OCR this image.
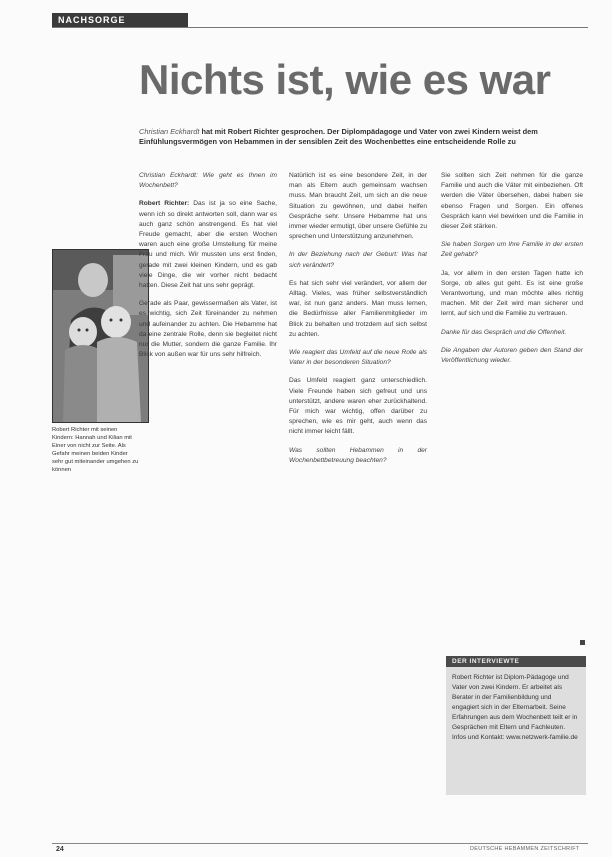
NACHSORGE
Nichts ist, wie es war

Christian Eckhardt hat mit Robert Richter gesprochen. Der Diplompädagoge und Vater von zwei Kindern weist dem Einfühlungsvermögen von Hebammen in der sensiblen Zeit des Wochenbettes eine entscheidende Rolle zu

Robert Richter mit seinen Kindern: Hannah und Kilian mit Einer von nicht zur Seite. Als Gefahr meinen beiden Kinder sehr gut miteinander umgehen zu können

Christian Eckhardt: Wie geht es Ihnen im Wochenbett?

Robert Richter: Das ist ja so eine Sache, wenn ich so direkt antworten soll, dann war es auch ganz schön anstrengend. Es hat viel Freude gemacht, aber die ersten Wochen waren auch eine große Umstellung für meine Frau und mich. Wir mussten uns erst finden, gerade mit zwei kleinen Kindern, und es gab viele Dinge, die wir vorher nicht bedacht hatten. Diese Zeit hat uns sehr geprägt.

Gerade als Paar, gewissermaßen als Vater, ist es wichtig, sich Zeit füreinander zu nehmen und aufeinander zu achten. Die Hebamme hat da eine zentrale Rolle, denn sie begleitet nicht nur die Mutter, sondern die ganze Familie. Ihr Blick von außen war für uns sehr hilfreich.

Natürlich ist es eine besondere Zeit, in der man als Eltern auch gemeinsam wachsen muss. Man braucht Zeit, um sich an die neue Situation zu gewöhnen, und dabei helfen Gespräche sehr. Unsere Hebamme hat uns immer wieder ermutigt, über unsere Gefühle zu sprechen und Unterstützung anzunehmen.

In der Beziehung nach der Geburt: Was hat sich verändert?

Es hat sich sehr viel verändert, vor allem der Alltag. Vieles, was früher selbstverständlich war, ist nun ganz anders. Man muss lernen, die Bedürfnisse aller Familienmitglieder im Blick zu behalten und trotzdem auf sich selbst zu achten.

Wie reagiert das Umfeld auf die neue Rolle als Vater in der besonderen Situation?

Das Umfeld reagiert ganz unterschiedlich. Viele Freunde haben sich gefreut und uns unterstützt, andere waren eher zurückhaltend. Für mich war wichtig, offen darüber zu sprechen, wie es mir geht, auch wenn das nicht immer leicht fällt.

Was sollten Hebammen in der Wochenbettbetreuung beachten?

Sie sollten sich Zeit nehmen für die ganze Familie und auch die Väter mit einbeziehen. Oft werden die Väter übersehen, dabei haben sie ebenso Fragen und Sorgen. Ein offenes Gespräch kann viel bewirken und die Familie in dieser Zeit stärken.

Sie haben Sorgen um Ihre Familie in der ersten Zeit gehabt?

Ja, vor allem in den ersten Tagen hatte ich Sorge, ob alles gut geht. Es ist eine große Verantwortung, und man möchte alles richtig machen. Mit der Zeit wird man sicherer und lernt, auf sich und die Familie zu vertrauen.

Danke für das Gespräch und die Offenheit.

Die Angaben der Autoren geben den Stand der Veröffentlichung wieder.

DER INTERVIEWTE
Robert Richter ist Diplom-Pädagoge und Vater von zwei Kindern. Er arbeitet als Berater in der Familienbildung und engagiert sich in der Elternarbeit. Seine Erfahrungen aus dem Wochenbett teilt er in Gesprächen mit Eltern und Fachleuten.
Infos und Kontakt: www.netzwerk-familie.de
24	DEUTSCHE HEBAMMEN ZEITSCHRIFT
